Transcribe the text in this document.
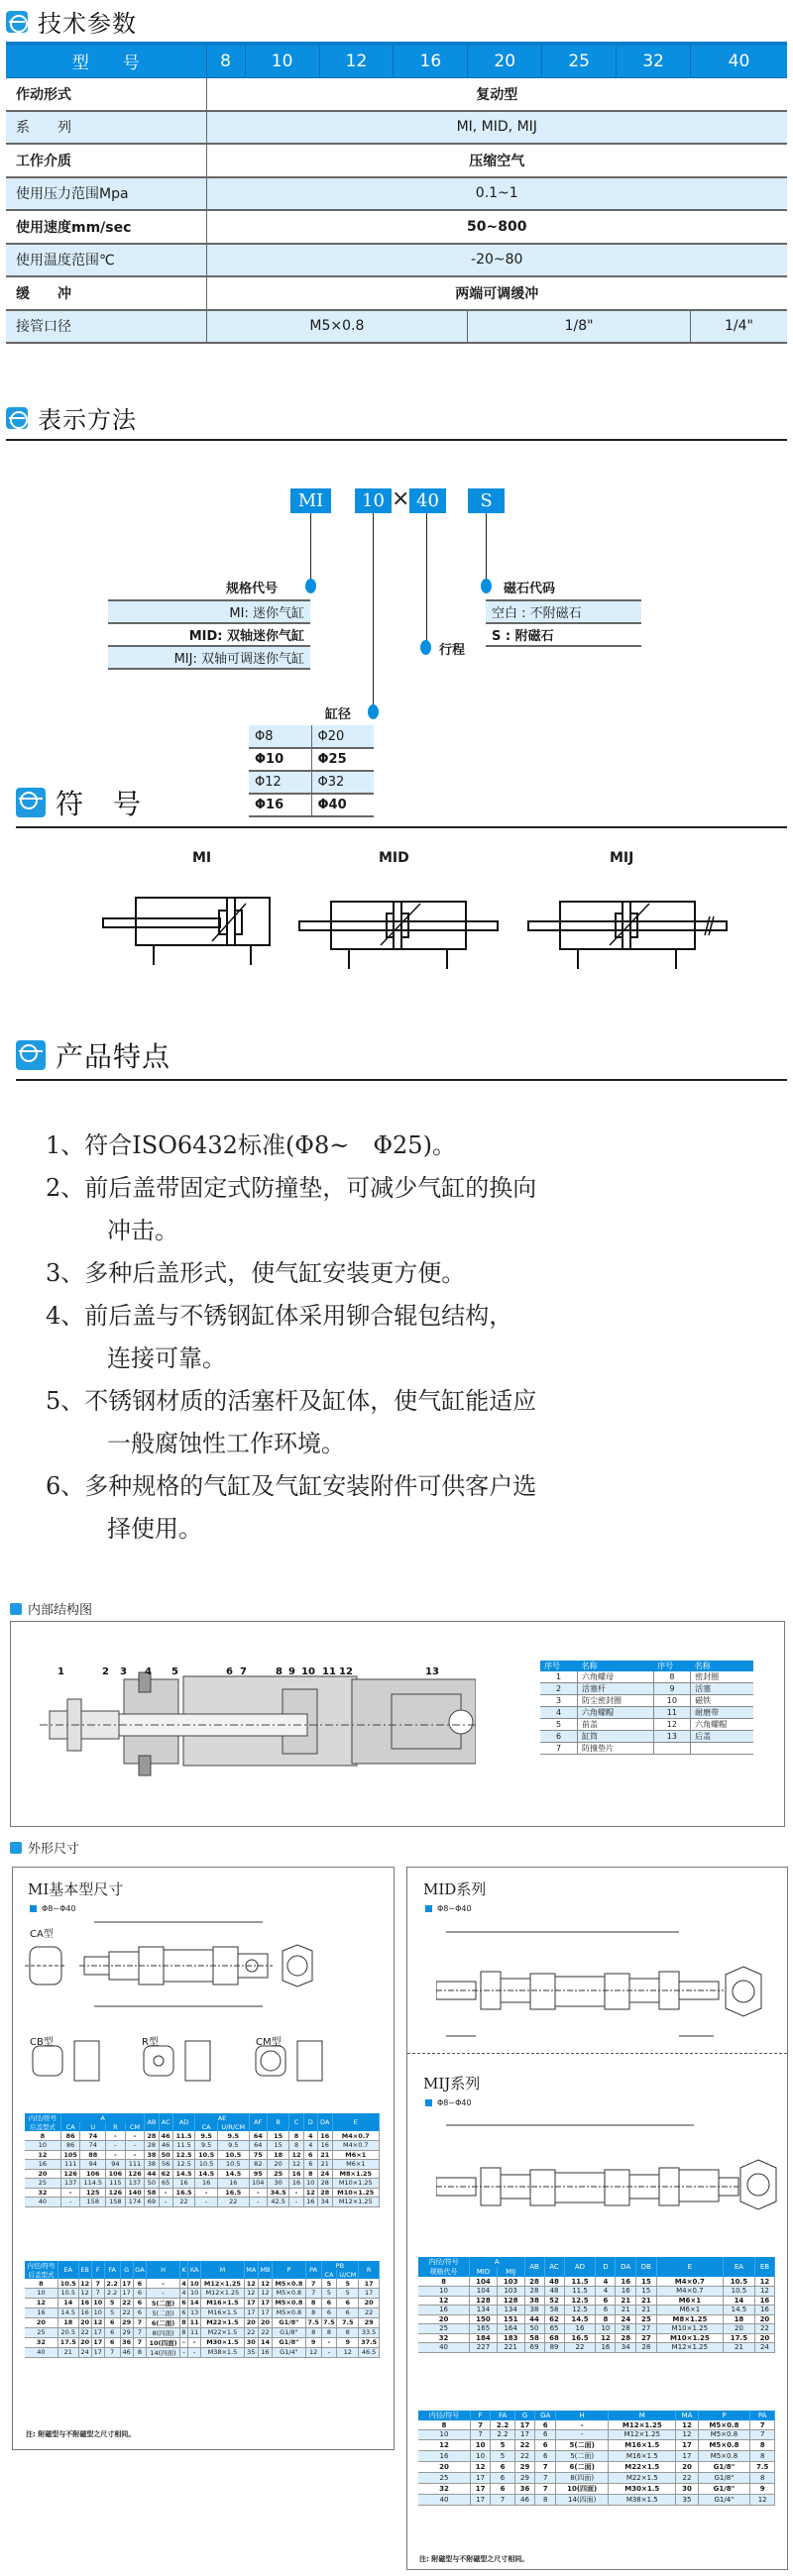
技术参数
型　　号	8	10	12	16	20	25	32	40
作动形式	复动型							
系　　列	MI, MID, MIJ							
工作介质	压缩空气							
使用压力范围Mpa	0.1~1							
使用速度mm/sec	50~800							
使用温度范围℃	-20~80							
缓　　冲	两端可调缓冲							
接管口径	M5×0.8				1/8"			1/4"
表示方法
MI	10 × 40	S
规格代号
MI: 迷你气缸
MID: 双轴迷你气缸
MIJ: 双轴可调迷你气缸
磁石代码
空白 : 不附磁石
S : 附磁石
行程
缸径
Φ8	Φ20
Φ10	Φ25
Φ12	Φ32
Φ16	Φ40
符　号
MI	MID	MIJ
产品特点
1、符合ISO6432标准(Φ8~　Φ25)。
2、前后盖带固定式防撞垫，可减少气缸的换向
冲击。
3、多种后盖形式，使气缸安装更方便。
4、前后盖与不锈钢缸体采用铆合辊包结构，
连接可靠。
5、不锈钢材质的活塞杆及缸体，使气缸能适应
一般腐蚀性工作环境。
6、多种规格的气缸及气缸安装附件可供客户选
择使用。
内部结构图
1	2 3 4 5	6 7	8 9 10 11 12	13
序号	名称	序号	名称
1	六角螺母	8	密封圈
2	活塞杆	9	活塞
3	防尘密封圈	10	磁铁
4	六角螺帽	11	耐磨带
5	前盖	12	六角螺帽
6	缸筒	13	后盖
7	防撞垫片		
外形尺寸
MI基本型尺寸
Φ8~Φ40
CA型
CB型	R型	CM型
内径/符号	A				AB	AC	AD	AE		AF	B	C	D	DA	E
后盖型式	CA	U	R	CM				CA	U/R/CM						
8	86	74	-	-	28	46	11.5	9.5	9.5	64	15	8	4	16	M4×0.7
10	86	74	-	-	28	46	11.5	9.5	9.5	64	15	8	4	16	M4×0.7
12	105	88	-	-	38	50	12.5	10.5	10.5	75	18	12	6	21	M6×1
16	111	94	94	111	38	56	12.5	10.5	10.5	82	20	12	6	21	M6×1
20	126	106	106	126	44	62	14.5	14.5	14.5	95	25	16	8	24	M8×1.25
25	137	114.5	115	137	50	65	16	16	16	104	30	16	10	28	M10×1.25
32	-	125	126	140	58	-	16.5	-	16.5	-	34.5	-	12	28	M10×1.25
40	-	158	158	174	69	-	22	-	22	-	42.5	-	16	34	M12×1.25
内径/符号	EA	EB	F	FA	G	GA	H	K	KA	M	MA	MB	P	PA	PB		R
后盖型式															CA	U/CM	
8	10.5	12	7	2.2	17	6	-	4	10	M12×1.25	12	12	M5×0.8	7	5	5	17
10	10.5	12	7	2.2	17	6	-	4	10	M12×1.25	12	12	M5×0.8	7	5	5	17
12	14	16	10	5	22	6	5(二面)	6	14	M16×1.5	17	17	M5×0.8	8	6	6	20
16	14.5	16	10	5	22	6	5(二面)	6	13	M16×1.5	17	17	M5×0.8	8	6	6	22
20	18	20	12	6	29	7	6(二面)	8	11	M22×1.5	20	20	G1/8"	7.5	7.5	7.5	29
25	20.5	22	17	6	29	7	8(四面)	8	11	M22×1.5	22	22	G1/8"	8	8	8	33.5
32	17.5	20	17	6	36	7	10(四面)	-	-	M30×1.5	30	14	G1/8"	9	-	9	37.5
40	21	24	17	7	46	8	14(四面)	-	-	M38×1.5	35	16	G1/4"	12	-	12	46.5
注: 附磁型与不附磁型之尺寸相同。
MID系列
Φ8~Φ40
MIJ系列
Φ8~Φ40
内径/符号	A		AB	AC	AD	D	DA	DB	E	EA	EB
规格代号	MID	MIJ									
8	104	103	28	48	11.5	4	16	15	M4×0.7	10.5	12
10	104	103	28	48	11.5	4	16	15	M4×0.7	10.5	12
12	128	128	38	52	12.5	6	21	21	M6×1	14	16
16	134	134	38	58	12.5	6	21	21	M6×1	14.5	16
20	150	151	44	62	14.5	8	24	25	M8×1.25	18	20
25	165	164	50	65	16	10	28	27	M10×1.25	20	22
32	184	183	58	68	16.5	12	28	27	M10×1.25	17.5	20
40	227	221	69	89	22	16	34	28	M12×1.25	21	24
内径/符号	F	FA	G	GA	H	M	MA	P	PA
8	7	2.2	17	6	-	M12×1.25	12	M5×0.8	7
10	7	2.2	17	6	-	M12×1.25	12	M5×0.8	7
12	10	5	22	6	5(二面)	M16×1.5	17	M5×0.8	8
16	10	5	22	6	5(二面)	M16×1.5	17	M5×0.8	8
20	12	6	29	7	6(二面)	M22×1.5	20	G1/8"	7.5
25	17	6	29	7	8(四面)	M22×1.5	22	G1/8"	8
32	17	6	36	7	10(四面)	M30×1.5	30	G1/8"	9
40	17	7	46	8	14(四面)	M38×1.5	35	G1/4"	12
注: 附磁型与不附磁型之尺寸相同。
